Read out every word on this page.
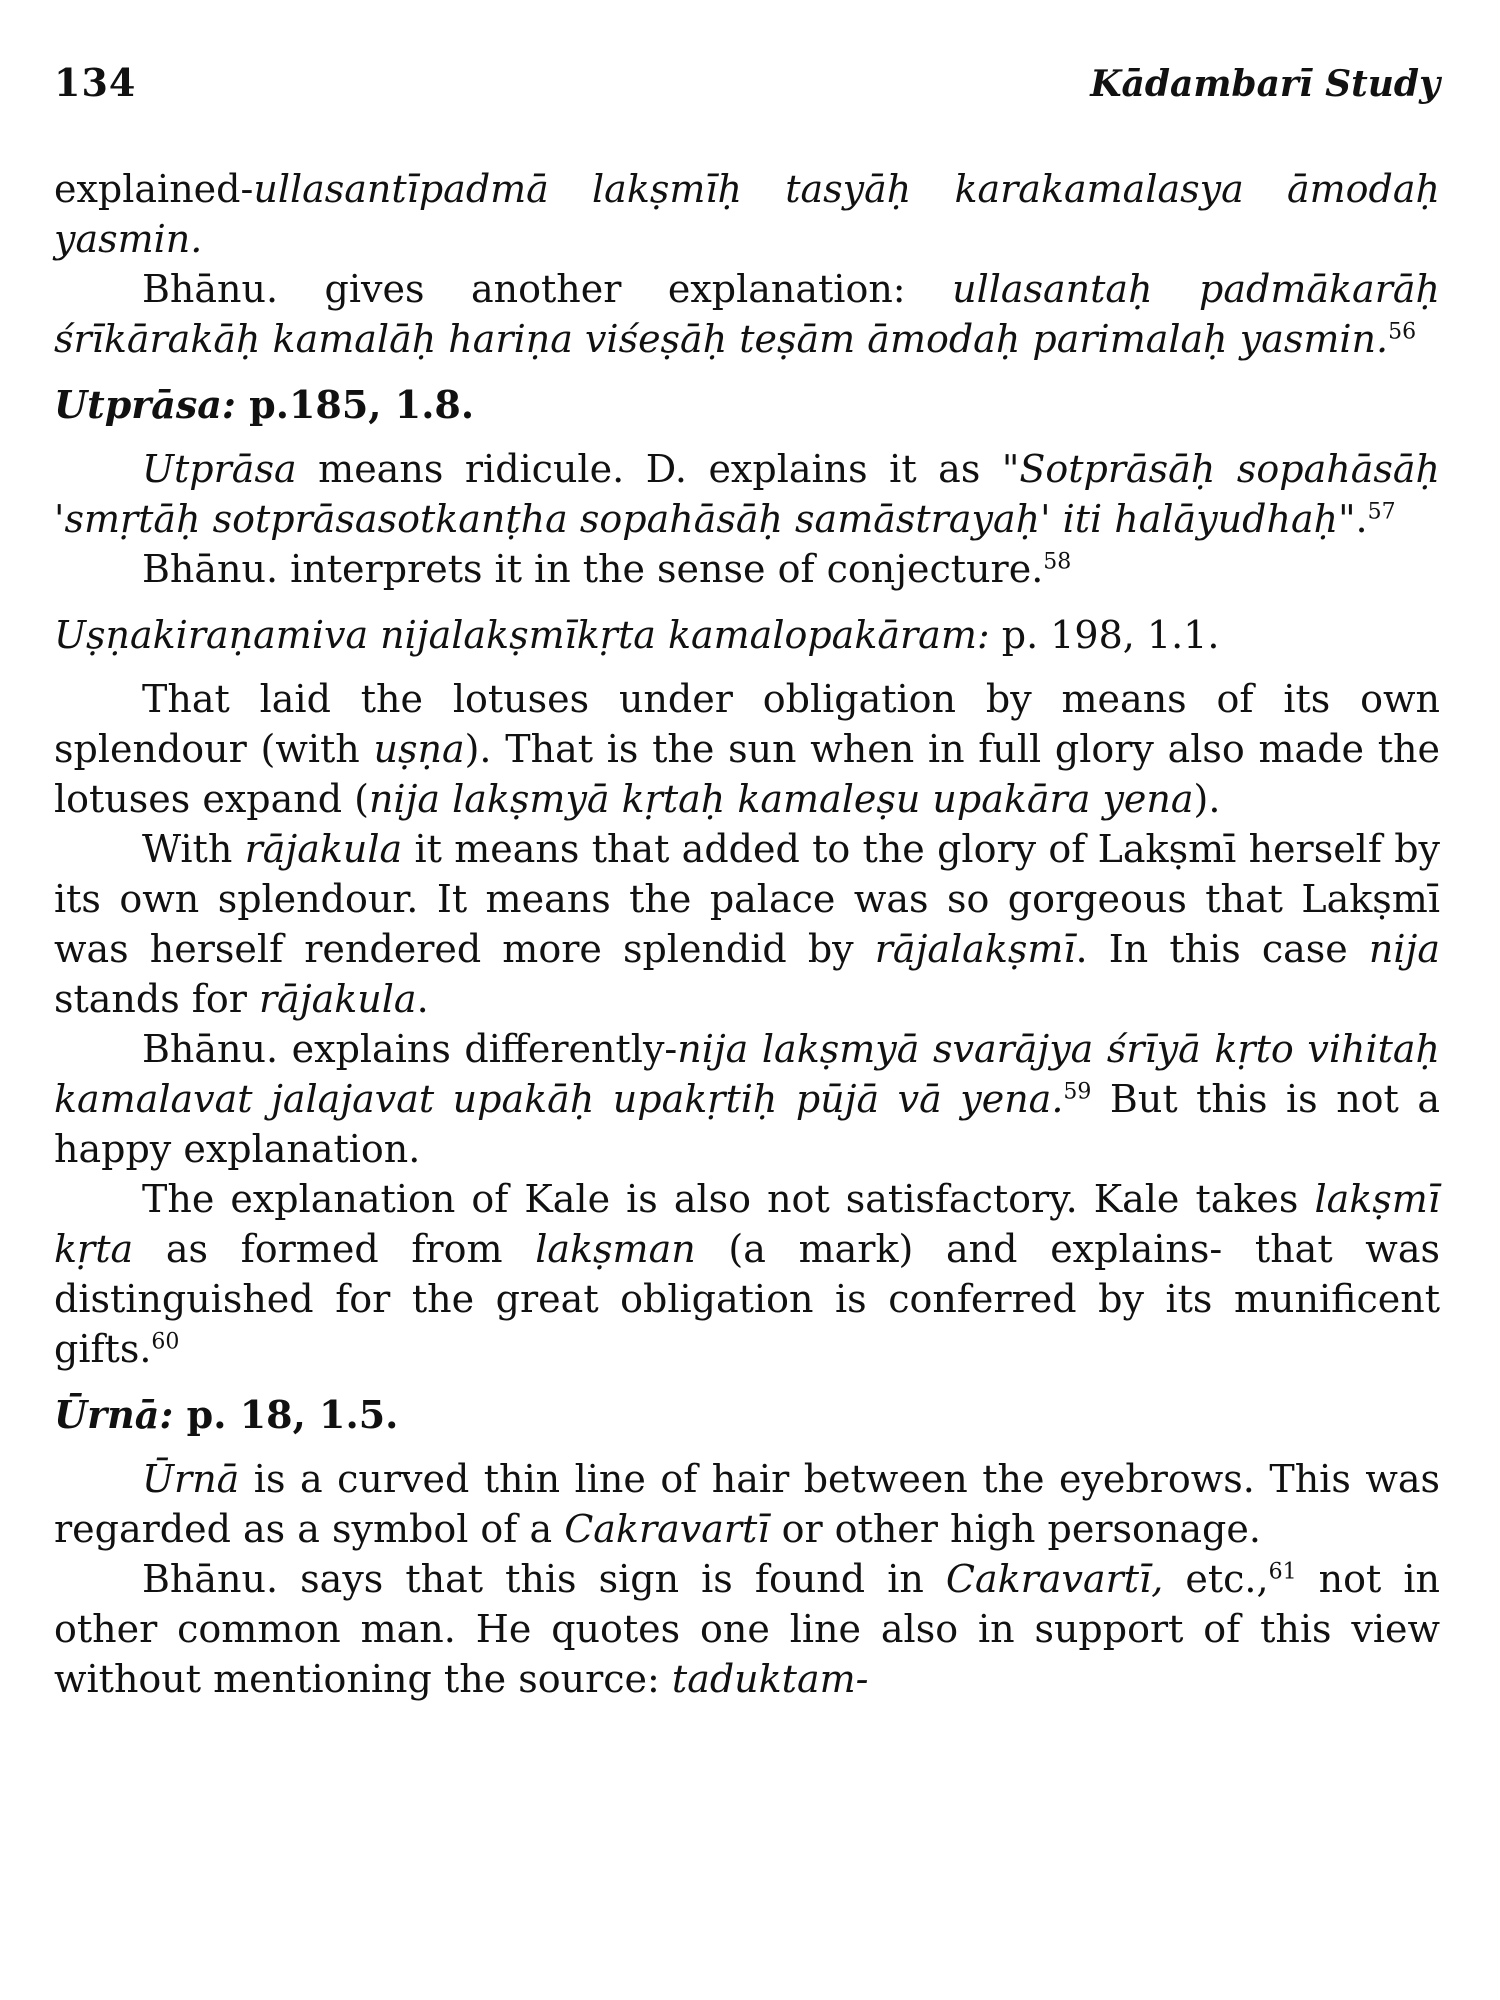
134	Kādambarī Study

explained-ullasantīpadmā lakṣmīḥ tasyāḥ karakamalasya āmodaḥ yasmin.

Bhānu. gives another explanation: ullasantaḥ padmākarāḥ śrīkārakāḥ kamalāḥ hariṇa viśeṣāḥ teṣām āmodaḥ parimalaḥ yasmin.$^{56}$

Utprāsa: p.185, 1.8.

Utprāsa means ridicule. D. explains it as "Sotprāsāḥ sopahāsāḥ 'smṛtāḥ sotprāsasotkanṭha sopahāsāḥ samāstrayaḥ' iti halāyudhaḥ".$^{57}$

Bhānu. interprets it in the sense of conjecture.$^{58}$

Uṣṇakiraṇamiva nijalakṣmīkṛta kamalopakāram: p. 198, 1.1.

That laid the lotuses under obligation by means of its own splendour (with uṣṇa). That is the sun when in full glory also made the lotuses expand (nija lakṣmyā kṛtaḥ kamaleṣu upakāra yena).

With rājakula it means that added to the glory of Lakṣmī herself by its own splendour. It means the palace was so gorgeous that Lakṣmī was herself rendered more splendid by rājalakṣmī. In this case nija stands for rājakula.

Bhānu. explains differently-nija lakṣmyā svarājya śrīyā kṛto vihitaḥ kamalavat jalajavat upakāḥ upakṛtiḥ pūjā vā yena.$^{59}$ But this is not a happy explanation.

The explanation of Kale is also not satisfactory. Kale takes lakṣmī kṛta as formed from lakṣman (a mark) and explains- that was distinguished for the great obligation is conferred by its munificent gifts.$^{60}$

Ūrnā: p. 18, 1.5.

Ūrnā is a curved thin line of hair between the eyebrows. This was regarded as a symbol of a Cakravartī or other high personage.

Bhānu. says that this sign is found in Cakravartī, etc.,$^{61}$ not in other common man. He quotes one line also in support of this view without mentioning the source: taduktam-
